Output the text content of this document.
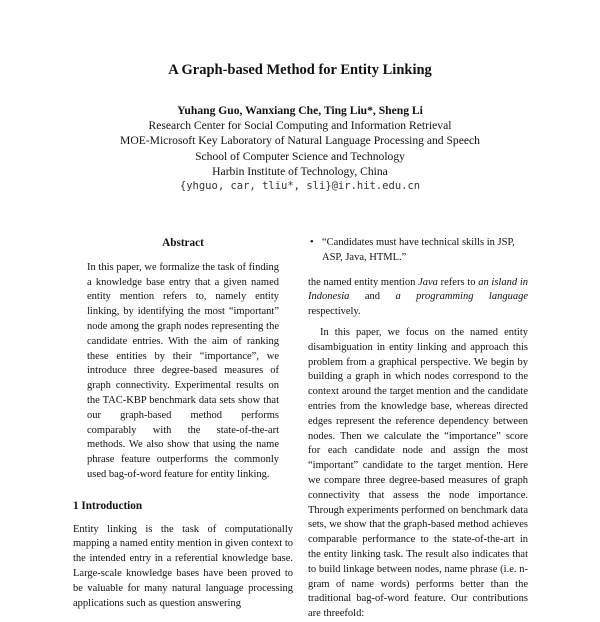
A Graph-based Method for Entity Linking
Yuhang Guo, Wanxiang Che, Ting Liu*, Sheng Li
Research Center for Social Computing and Information Retrieval
MOE-Microsoft Key Laboratory of Natural Language Processing and Speech
School of Computer Science and Technology
Harbin Institute of Technology, China
{yhguo, car, tliu*, sli}@ir.hit.edu.cn
Abstract

In this paper, we formalize the task of finding a knowledge base entry that a given named entity mention refers to, namely entity linking, by identifying the most “important” node among the graph nodes representing the candidate entries. With the aim of ranking these entities by their “importance”, we introduce three degree-based measures of graph connectivity. Experimental results on the TAC-KBP benchmark data sets show that our graph-based method performs comparably with the state-of-the-art methods. We also show that using the name phrase feature outperforms the commonly used bag-of-word feature for entity linking.

1 Introduction

Entity linking is the task of computationally mapping a named entity mention in given context to the intended entry in a referential knowledge base. Large-scale knowledge bases have been proved to be valuable for many natural language processing applications such as question answering

• “Candidates must have technical skills in JSP, ASP, Java, HTML.”

the named entity mention Java refers to an island in Indonesia and a programming language respectively.

In this paper, we focus on the named entity disambiguation in entity linking and approach this problem from a graphical perspective. We begin by building a graph in which nodes correspond to the context around the target mention and the candidate entries from the knowledge base, whereas directed edges represent the reference dependency between nodes. Then we calculate the “importance” score for each candidate node and assign the most “important” candidate to the target mention. Here we compare three degree-based measures of graph connectivity that assess the node importance. Through experiments performed on benchmark data sets, we show that the graph-based method achieves comparable performance to the state-of-the-art in the entity linking task. The result also indicates that to build linkage between nodes, name phrase (i.e. n-gram of name words) performs better than the traditional bag-of-word feature. Our contributions are threefold:
